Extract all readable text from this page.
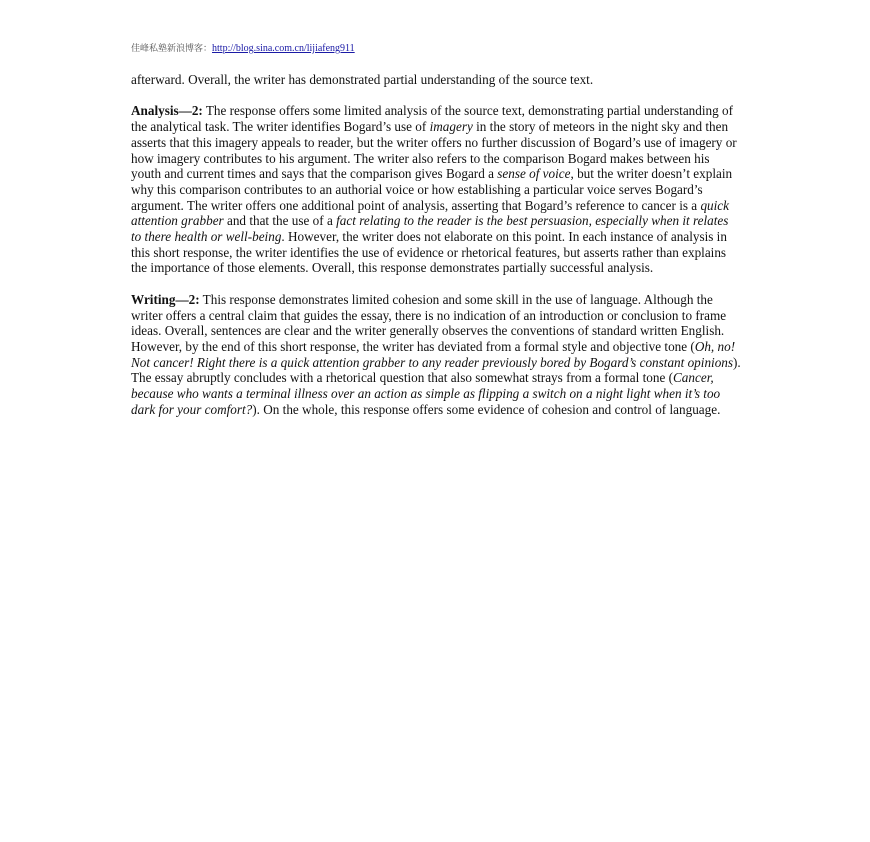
佳峰私塾新浪博客：http://blog.sina.com.cn/lijiafeng911

afterward. Overall, the writer has demonstrated partial understanding of the source text.

Analysis—2: The response offers some limited analysis of the source text, demonstrating partial understanding of the analytical task. The writer identifies Bogard’s use of imagery in the story of meteors in the night sky and then asserts that this imagery appeals to reader, but the writer offers no further discussion of Bogard’s use of imagery or how imagery contributes to his argument. The writer also refers to the comparison Bogard makes between his youth and current times and says that the comparison gives Bogard a sense of voice, but the writer doesn’t explain why this comparison contributes to an authorial voice or how establishing a particular voice serves Bogard’s argument. The writer offers one additional point of analysis, asserting that Bogard’s reference to cancer is a quick attention grabber and that the use of a fact relating to the reader is the best persuasion, especially when it relates to there health or well-being. However, the writer does not elaborate on this point. In each instance of analysis in this short response, the writer identifies the use of evidence or rhetorical features, but asserts rather than explains the importance of those elements. Overall, this response demonstrates partially successful analysis.

Writing—2: This response demonstrates limited cohesion and some skill in the use of language. Although the writer offers a central claim that guides the essay, there is no indication of an introduction or conclusion to frame ideas. Overall, sentences are clear and the writer generally observes the conventions of standard written English. However, by the end of this short response, the writer has deviated from a formal style and objective tone (Oh, no! Not cancer! Right there is a quick attention grabber to any reader previously bored by Bogard’s constant opinions). The essay abruptly concludes with a rhetorical question that also somewhat strays from a formal tone (Cancer, because who wants a terminal illness over an action as simple as flipping a switch on a night light when it’s too dark for your comfort?). On the whole, this response offers some evidence of cohesion and control of language.
